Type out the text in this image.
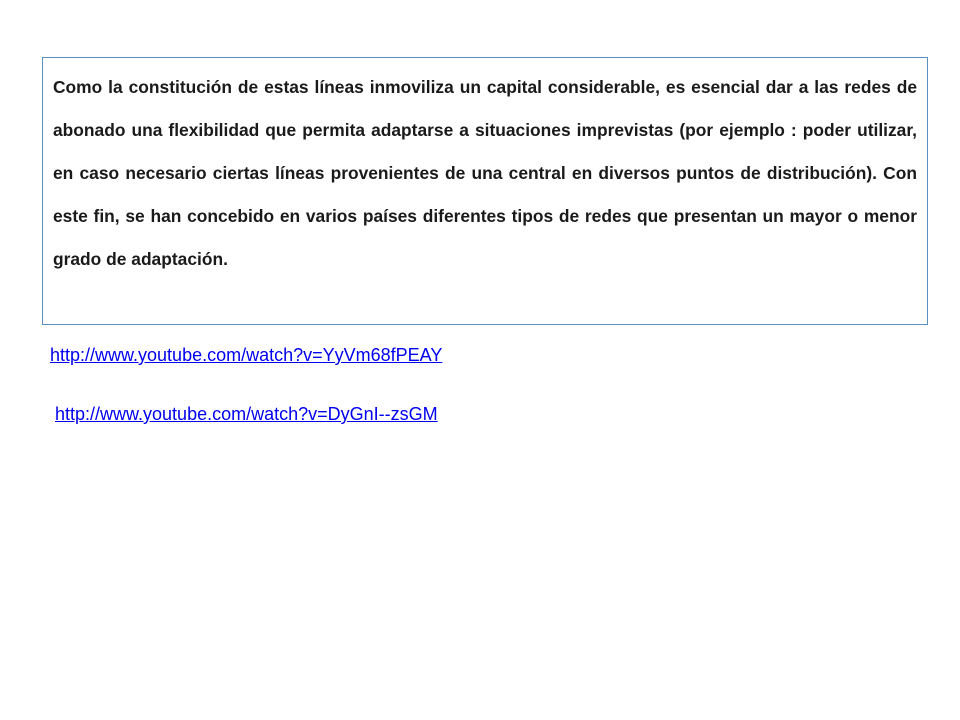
Como la constitución de estas líneas inmoviliza un capital considerable, es esencial dar a las redes de abonado una flexibilidad que permita adaptarse a situaciones imprevistas (por ejemplo : poder utilizar, en caso necesario ciertas líneas provenientes de una central en diversos puntos de distribución). Con este fin, se han concebido en varios países diferentes tipos de redes que presentan un mayor o menor grado de adaptación.

http://www.youtube.com/watch?v=YyVm68fPEAY
http://www.youtube.com/watch?v=DyGnI--zsGM
